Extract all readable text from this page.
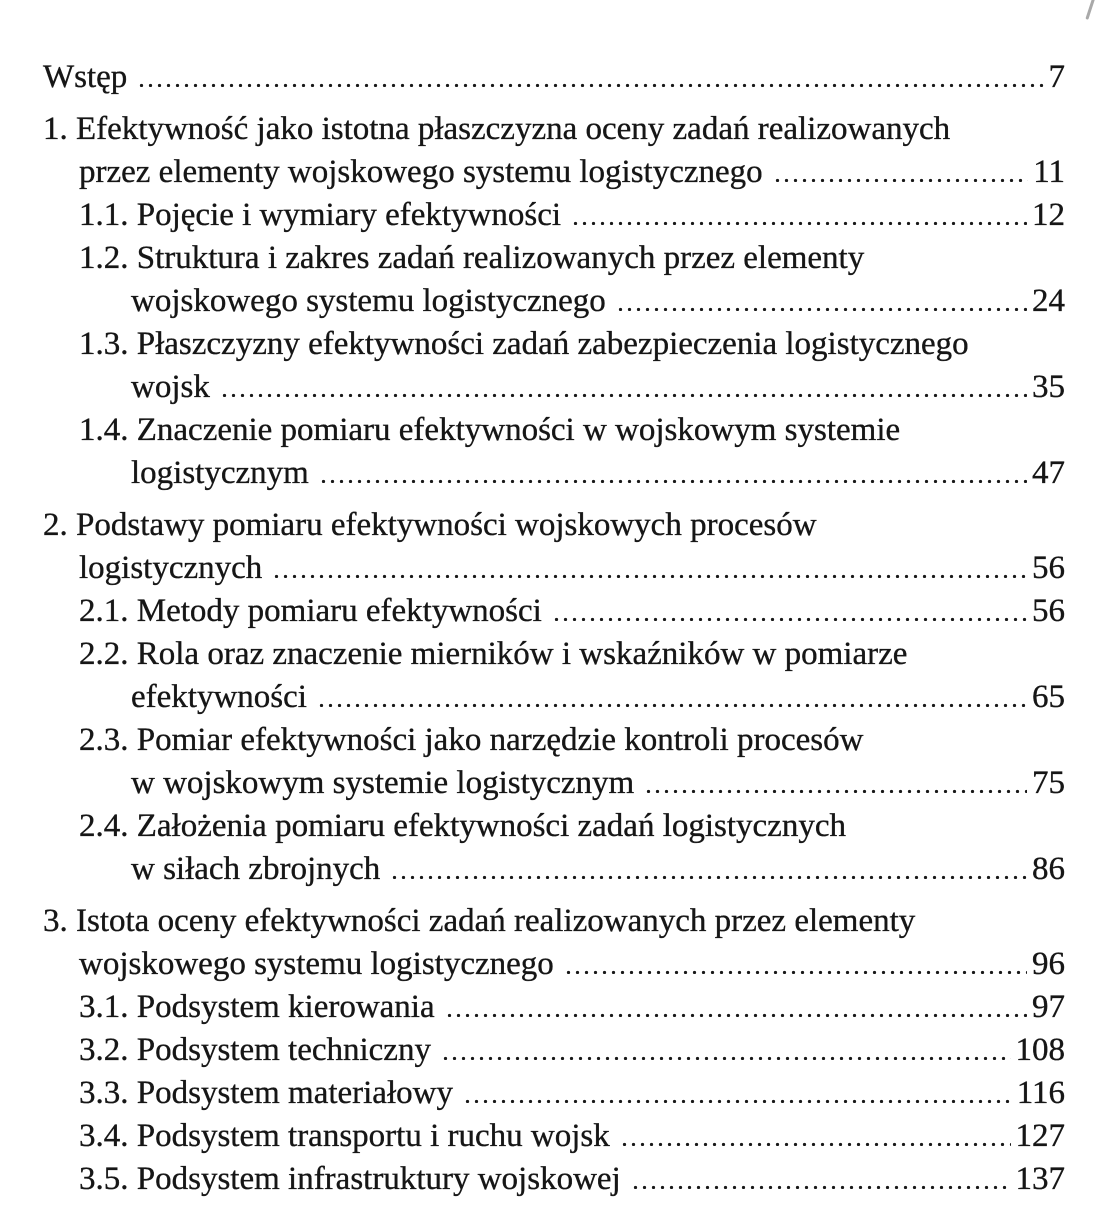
Wstęp	7
1. Efektywność jako istotna płaszczyzna oceny zadań realizowanych
przez elementy wojskowego systemu logistycznego	11
1.1. Pojęcie i wymiary efektywności	12
1.2. Struktura i zakres zadań realizowanych przez elementy
wojskowego systemu logistycznego	24
1.3. Płaszczyzny efektywności zadań zabezpieczenia logistycznego
wojsk	35
1.4. Znaczenie pomiaru efektywności w wojskowym systemie
logistycznym	47
2. Podstawy pomiaru efektywności wojskowych procesów
logistycznych	56
2.1. Metody pomiaru efektywności	56
2.2. Rola oraz znaczenie mierników i wskaźników w pomiarze
efektywności	65
2.3. Pomiar efektywności jako narzędzie kontroli procesów
w wojskowym systemie logistycznym	75
2.4. Założenia pomiaru efektywności zadań logistycznych
w siłach zbrojnych	86
3. Istota oceny efektywności zadań realizowanych przez elementy
wojskowego systemu logistycznego	96
3.1. Podsystem kierowania	97
3.2. Podsystem techniczny	108
3.3. Podsystem materiałowy	116
3.4. Podsystem transportu i ruchu wojsk	127
3.5. Podsystem infrastruktury wojskowej	137
